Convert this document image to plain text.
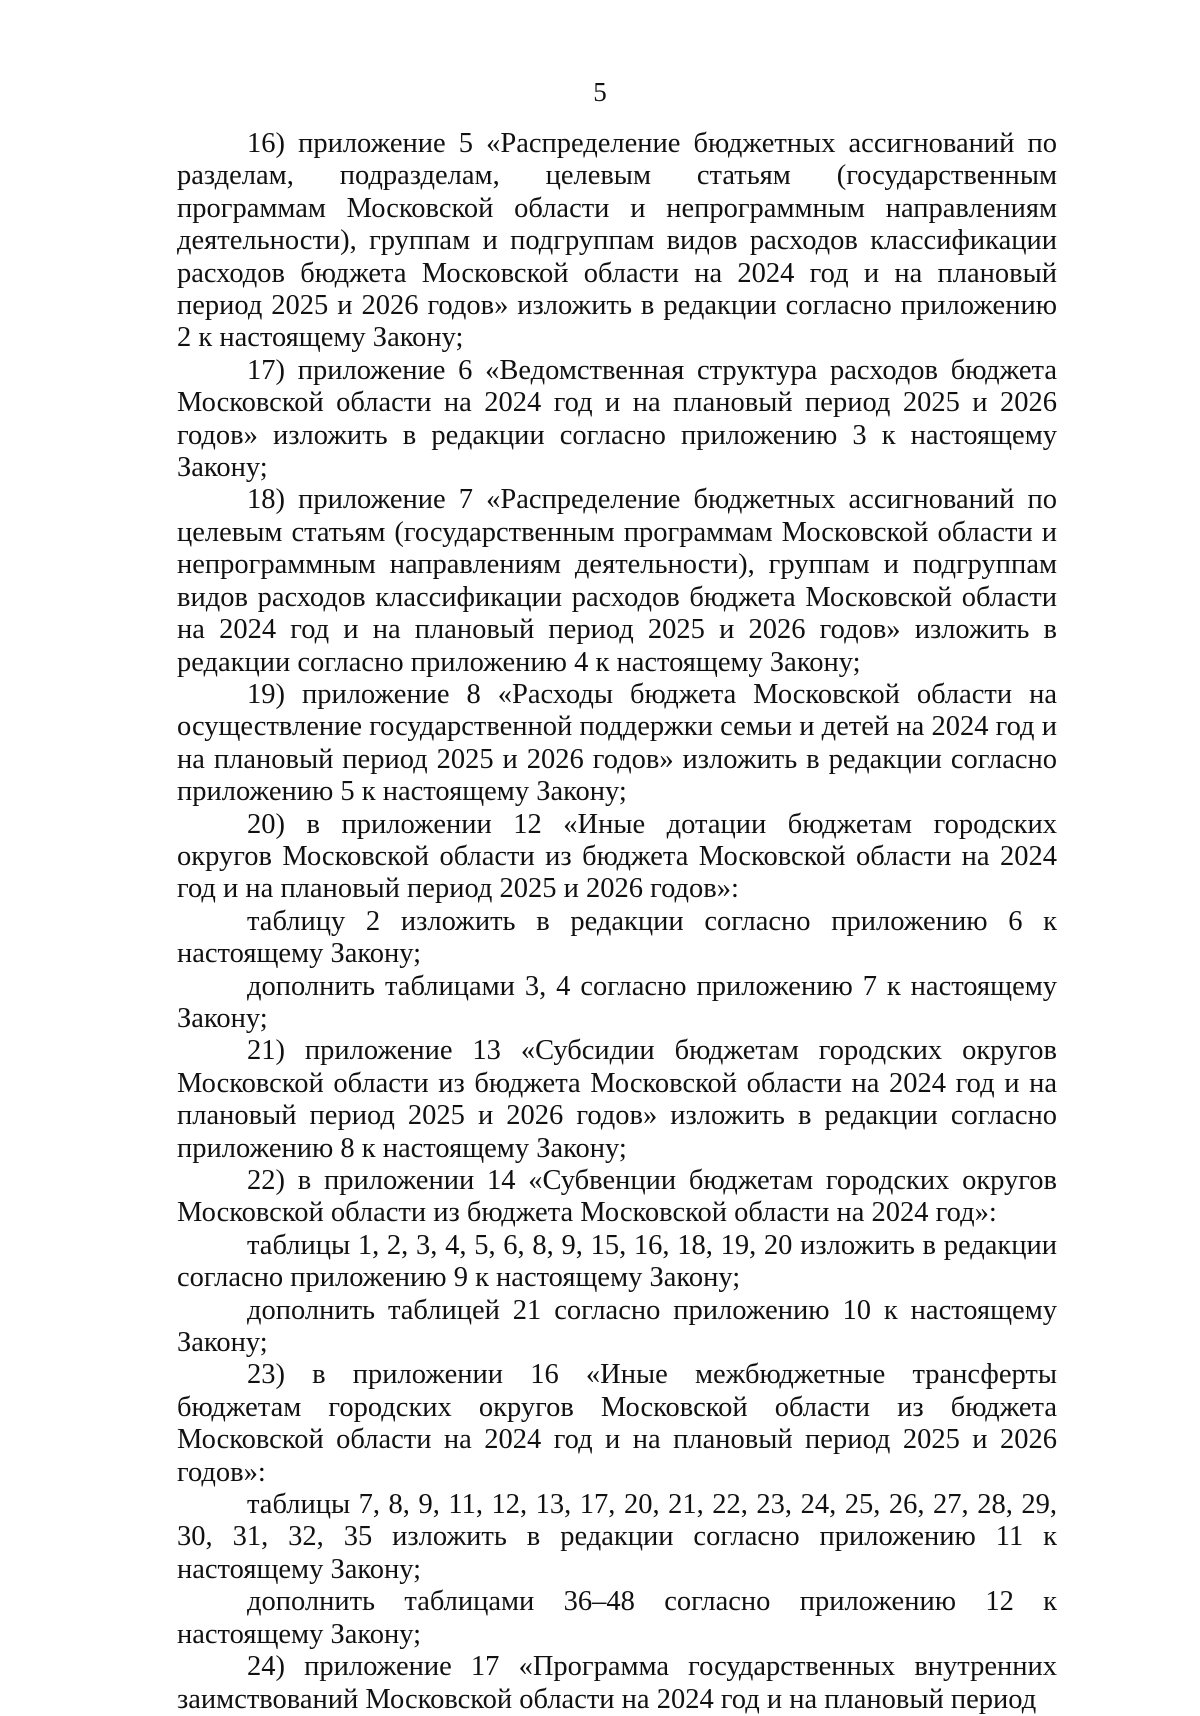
5

16) приложение 5 «Распределение бюджетных ассигнований по разделам, подразделам, целевым статьям (государственным программам Московской области и непрограммным направлениям деятельности), группам и подгруппам видов расходов классификации расходов бюджета Московской области на 2024 год и на плановый период 2025 и 2026 годов» изложить в редакции согласно приложению 2 к настоящему Закону;

17) приложение 6 «Ведомственная структура расходов бюджета Московской области на 2024 год и на плановый период 2025 и 2026 годов» изложить в редакции согласно приложению 3 к настоящему Закону;

18) приложение 7 «Распределение бюджетных ассигнований по целевым статьям (государственным программам Московской области и непрограммным направлениям деятельности), группам и подгруппам видов расходов классификации расходов бюджета Московской области на 2024 год и на плановый период 2025 и 2026 годов» изложить в редакции согласно приложению 4 к настоящему Закону;

19) приложение 8 «Расходы бюджета Московской области на осуществление государственной поддержки семьи и детей на 2024 год и на плановый период 2025 и 2026 годов» изложить в редакции согласно приложению 5 к настоящему Закону;

20) в приложении 12 «Иные дотации бюджетам городских округов Московской области из бюджета Московской области на 2024 год и на плановый период 2025 и 2026 годов»:

таблицу 2 изложить в редакции согласно приложению 6 к настоящему Закону;

дополнить таблицами 3, 4 согласно приложению 7 к настоящему Закону;

21) приложение 13 «Субсидии бюджетам городских округов Московской области из бюджета Московской области на 2024 год и на плановый период 2025 и 2026 годов» изложить в редакции согласно приложению 8 к настоящему Закону;

22) в приложении 14 «Субвенции бюджетам городских округов Московской области из бюджета Московской области на 2024 год»:

таблицы 1, 2, 3, 4, 5, 6, 8, 9, 15, 16, 18, 19, 20 изложить в редакции согласно приложению 9 к настоящему Закону;

дополнить таблицей 21 согласно приложению 10 к настоящему Закону;

23) в приложении 16 «Иные межбюджетные трансферты бюджетам городских округов Московской области из бюджета Московской области на 2024 год и на плановый период 2025 и 2026 годов»:

таблицы 7, 8, 9, 11, 12, 13, 17, 20, 21, 22, 23, 24, 25, 26, 27, 28, 29, 30, 31, 32, 35 изложить в редакции согласно приложению 11 к настоящему Закону;

дополнить таблицами 36–48 согласно приложению 12 к настоящему Закону;

24) приложение 17 «Программа государственных внутренних заимствований Московской области на 2024 год и на плановый период
